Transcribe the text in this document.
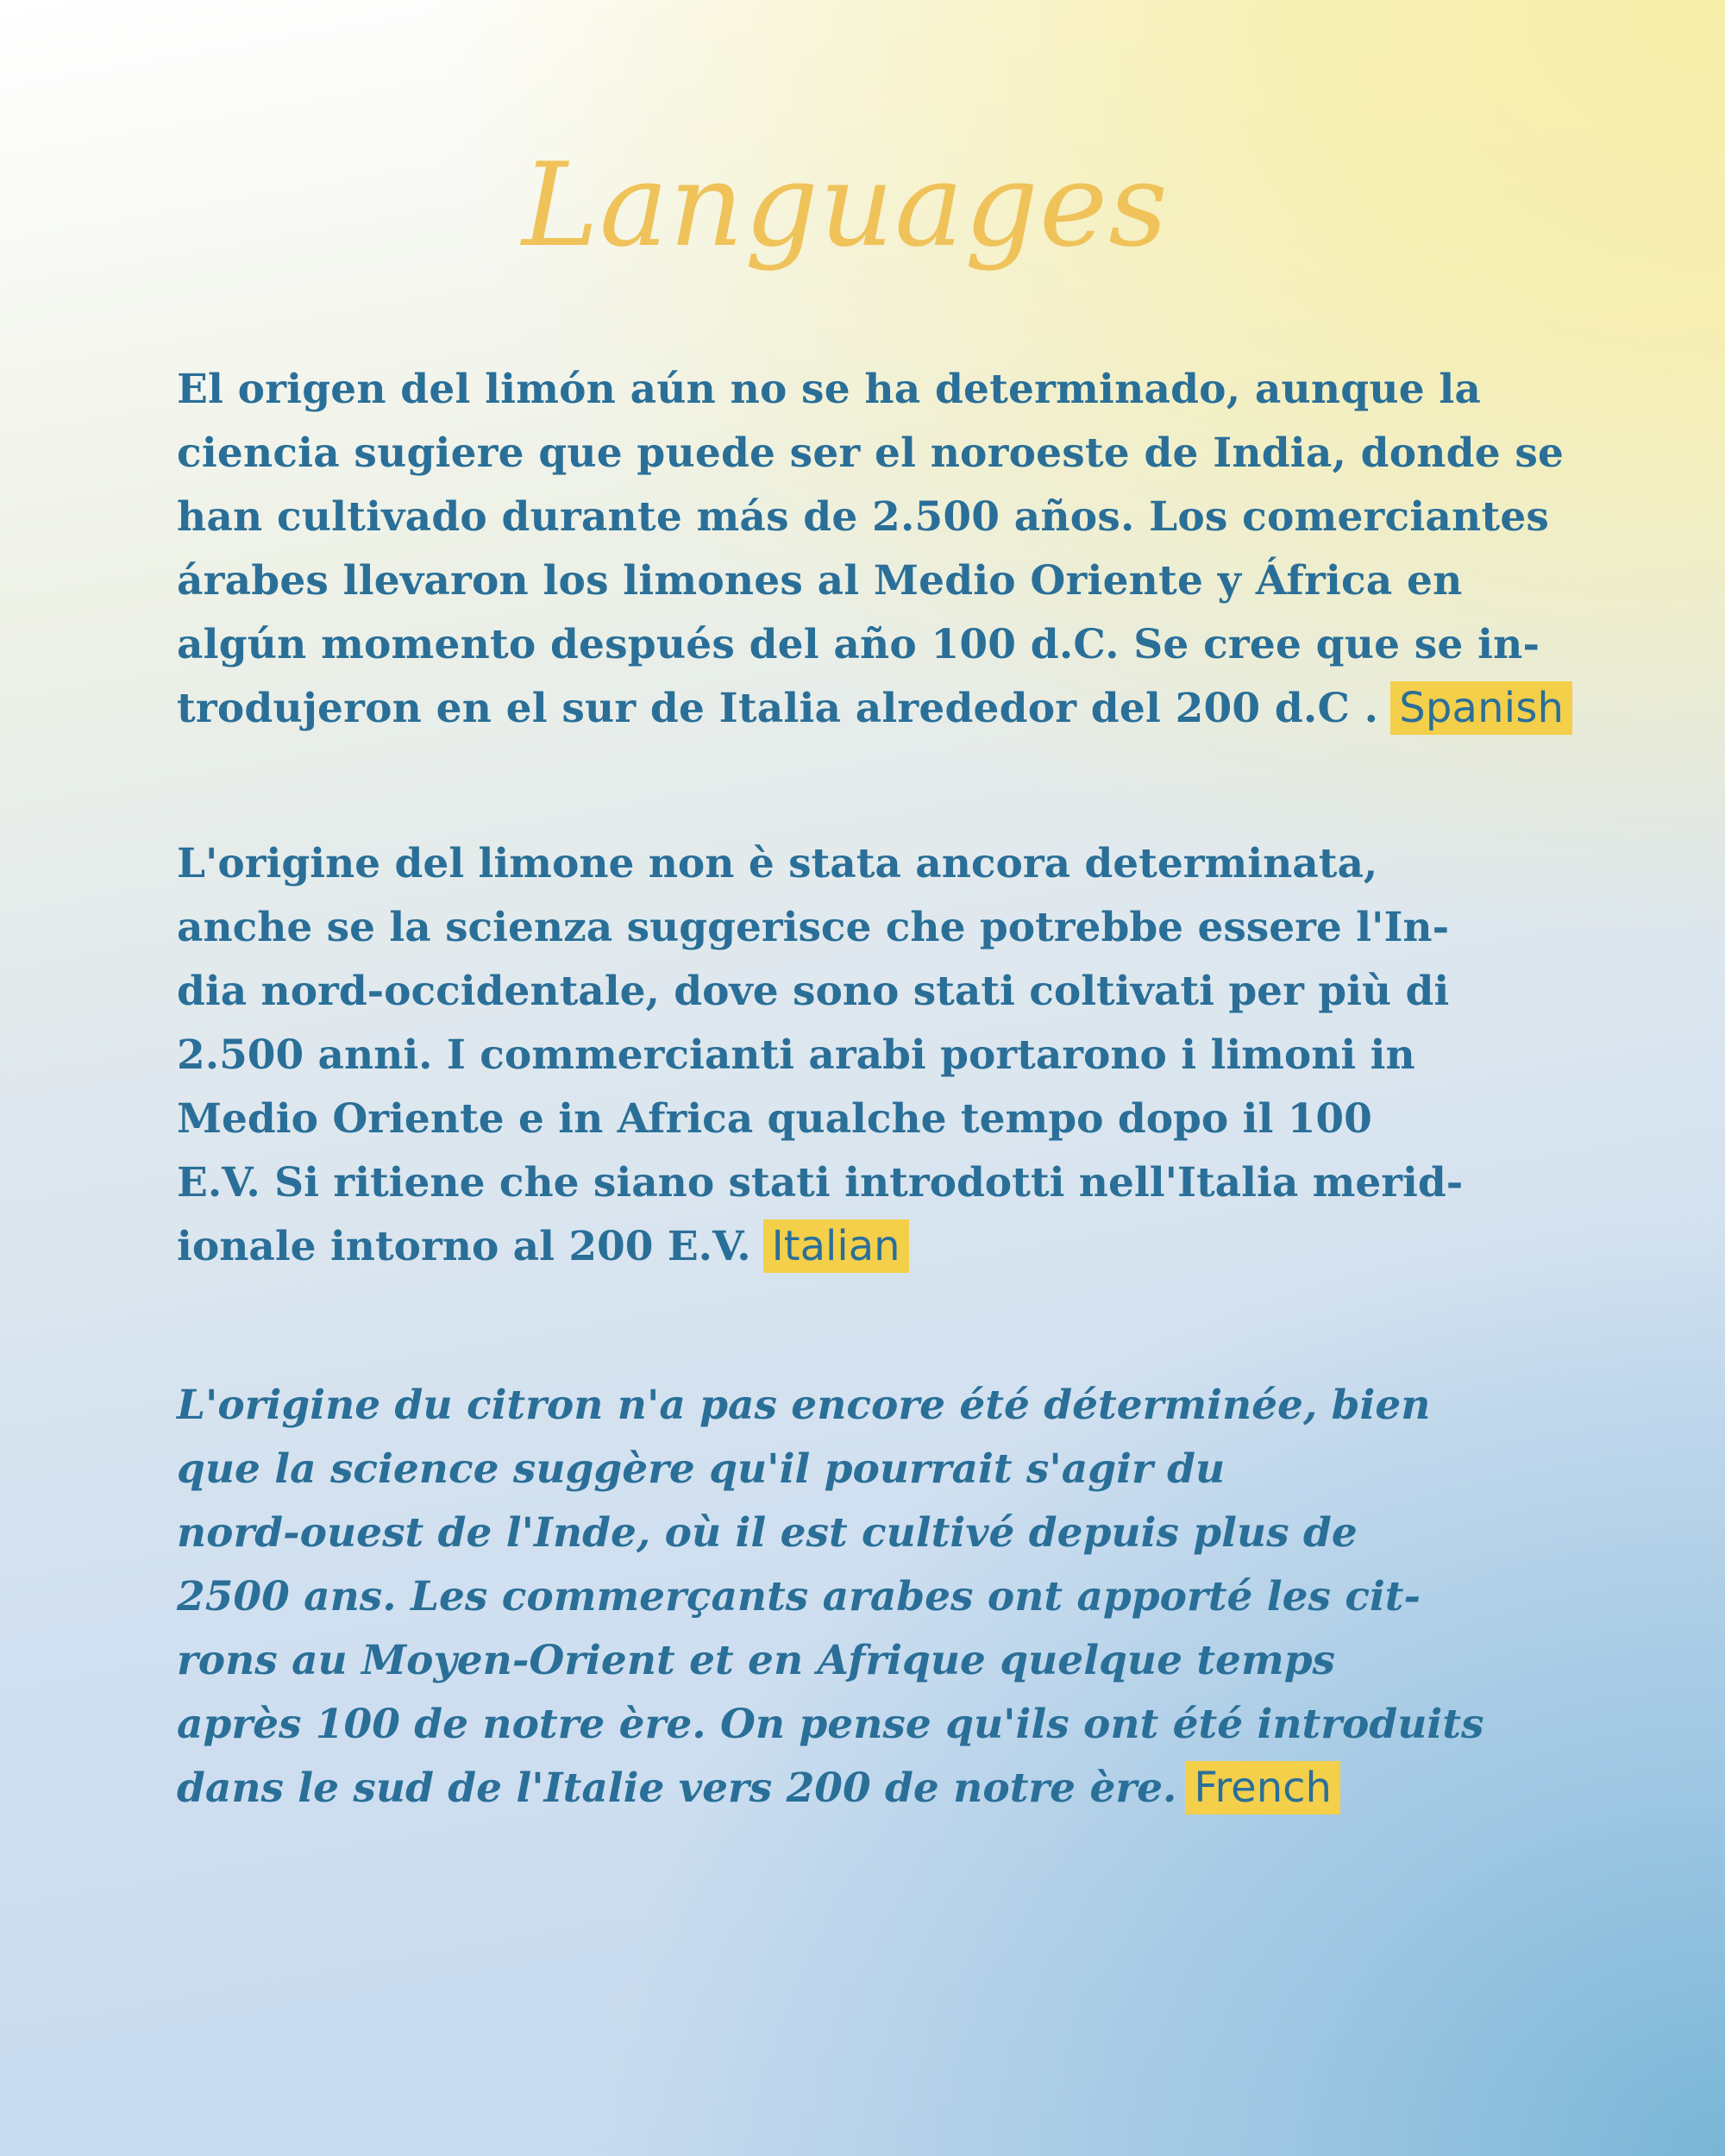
Languages

El origen del limón aún no se ha determinado, aunque la
ciencia sugiere que puede ser el noroeste de India, donde se
han cultivado durante más de 2.500 años. Los comerciantes
árabes llevaron los limones al Medio Oriente y África en
algún momento después del año 100 d.C. Se cree que se in-
trodujeron en el sur de Italia alrededor del 200 d.C . Spanish

L'origine del limone non è stata ancora determinata,
anche se la scienza suggerisce che potrebbe essere l'In-
dia nord-occidentale, dove sono stati coltivati per più di
2.500 anni. I commercianti arabi portarono i limoni in
Medio Oriente e in Africa qualche tempo dopo il 100
E.V. Si ritiene che siano stati introdotti nell'Italia merid-
ionale intorno al 200 E.V. Italian

L'origine du citron n'a pas encore été déterminée, bien
que la science suggère qu'il pourrait s'agir du
nord-ouest de l'Inde, où il est cultivé depuis plus de
2500 ans. Les commerçants arabes ont apporté les cit-
rons au Moyen-Orient et en Afrique quelque temps
après 100 de notre ère. On pense qu'ils ont été introduits
dans le sud de l'Italie vers 200 de notre ère. French
